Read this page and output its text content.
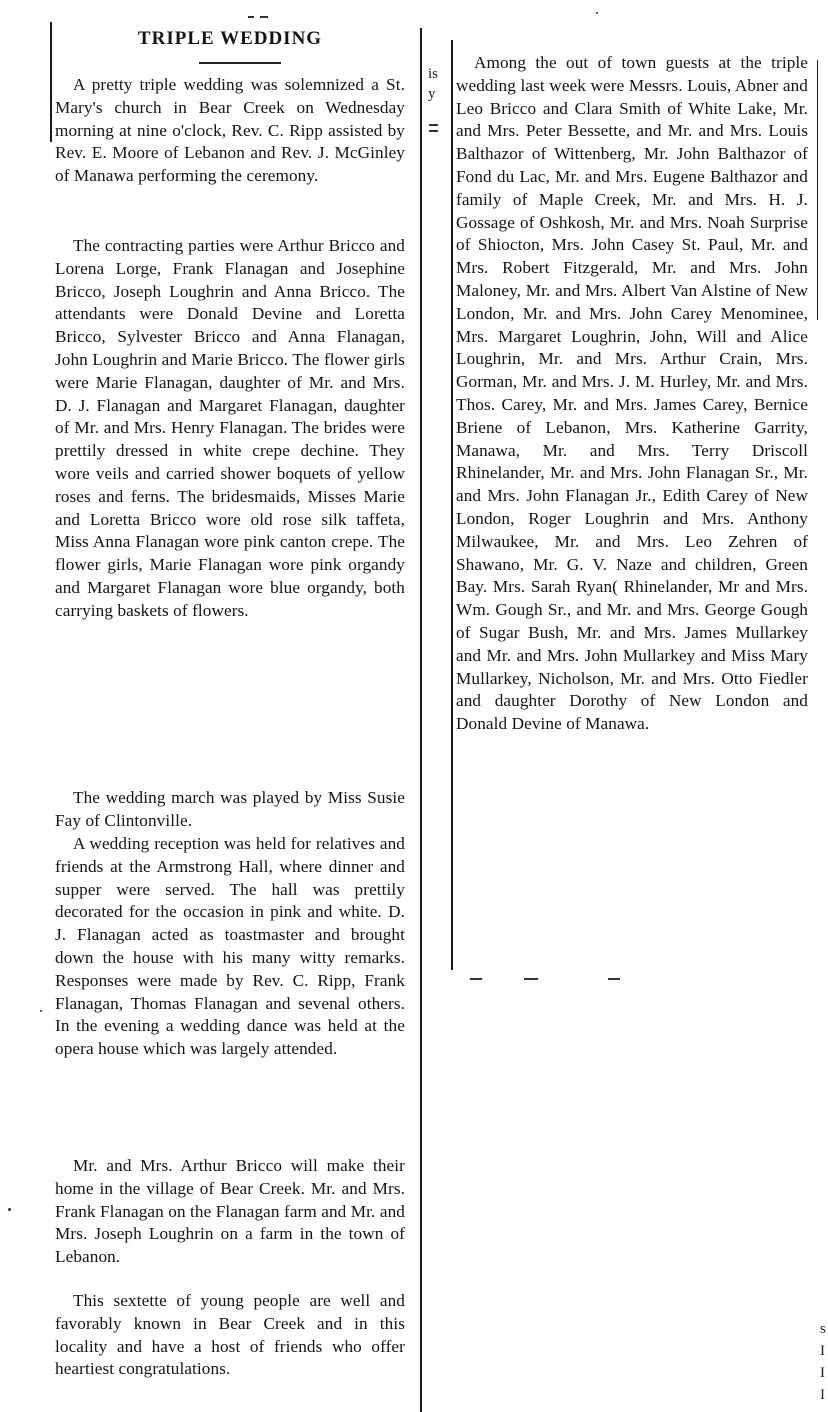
is
y
TRIPLE WEDDING

A pretty triple wedding was solemnized a St. Mary's church in Bear Creek on Wednesday morning at nine o'clock, Rev. C. Ripp assisted by Rev. E. Moore of Lebanon and Rev. J. McGinley of Manawa performing the ceremony.

The contracting parties were Arthur Bricco and Lorena Lorge, Frank Flanagan and Josephine Bricco, Joseph Loughrin and Anna Bricco. The attendants were Donald Devine and Loretta Bricco, Sylvester Bricco and Anna Flanagan, John Loughrin and Marie Bricco. The flower girls were Marie Flanagan, daughter of Mr. and Mrs. D. J. Flanagan and Margaret Flanagan, daughter of Mr. and Mrs. Henry Flanagan. The brides were prettily dressed in white crepe dechine. They wore veils and carried shower boquets of yellow roses and ferns. The bridesmaids, Misses Marie and Loretta Bricco wore old rose silk taffeta, Miss Anna Flanagan wore pink canton crepe. The flower girls, Marie Flanagan wore pink organdy and Margaret Flanagan wore blue organdy, both carrying baskets of flowers.

The wedding march was played by Miss Susie Fay of Clintonville.

A wedding reception was held for relatives and friends at the Armstrong Hall, where dinner and supper were served. The hall was prettily decorated for the occasion in pink and white. D. J. Flanagan acted as toastmaster and brought down the house with his many witty remarks. Responses were made by Rev. C. Ripp, Frank Flanagan, Thomas Flanagan and sevenal others. In the evening a wedding dance was held at the opera house which was largely attended.

Mr. and Mrs. Arthur Bricco will make their home in the village of Bear Creek. Mr. and Mrs. Frank Flanagan on the Flanagan farm and Mr. and Mrs. Joseph Loughrin on a farm in the town of Lebanon.

This sextette of young people are well and favorably known in Bear Creek and in this locality and have a host of friends who offer heartiest congratulations.

Among the out of town guests at the triple wedding last week were Messrs. Louis, Abner and Leo Bricco and Clara Smith of White Lake, Mr. and Mrs. Peter Bessette, and Mr. and Mrs. Louis Balthazor of Wittenberg, Mr. John Balthazor of Fond du Lac, Mr. and Mrs. Eugene Balthazor and family of Maple Creek, Mr. and Mrs. H. J. Gossage of Oshkosh, Mr. and Mrs. Noah Surprise of Shiocton, Mrs. John Casey St. Paul, Mr. and Mrs. Robert Fitzgerald, Mr. and Mrs. John Maloney, Mr. and Mrs. Albert Van Alstine of New London, Mr. and Mrs. John Carey Menominee, Mrs. Margaret Loughrin, John, Will and Alice Loughrin, Mr. and Mrs. Arthur Crain, Mrs. Gorman, Mr. and Mrs. J. M. Hurley, Mr. and Mrs. Thos. Carey, Mr. and Mrs. James Carey, Bernice Briene of Lebanon, Mrs. Katherine Garrity, Manawa, Mr. and Mrs. Terry Driscoll Rhinelander, Mr. and Mrs. John Flanagan Sr., Mr. and Mrs. John Flanagan Jr., Edith Carey of New London, Roger Loughrin and Mrs. Anthony Milwaukee, Mr. and Mrs. Leo Zehren of Shawano, Mr. G. V. Naze and children, Green Bay. Mrs. Sarah Ryan( Rhinelander, Mr and Mrs. Wm. Gough Sr., and Mr. and Mrs. George Gough of Sugar Bush, Mr. and Mrs. James Mullarkey and Mr. and Mrs. John Mullarkey and Miss Mary Mullarkey, Nicholson, Mr. and Mrs. Otto Fiedler and daughter Dorothy of New London and Donald Devine of Manawa.

s
I
I
I
